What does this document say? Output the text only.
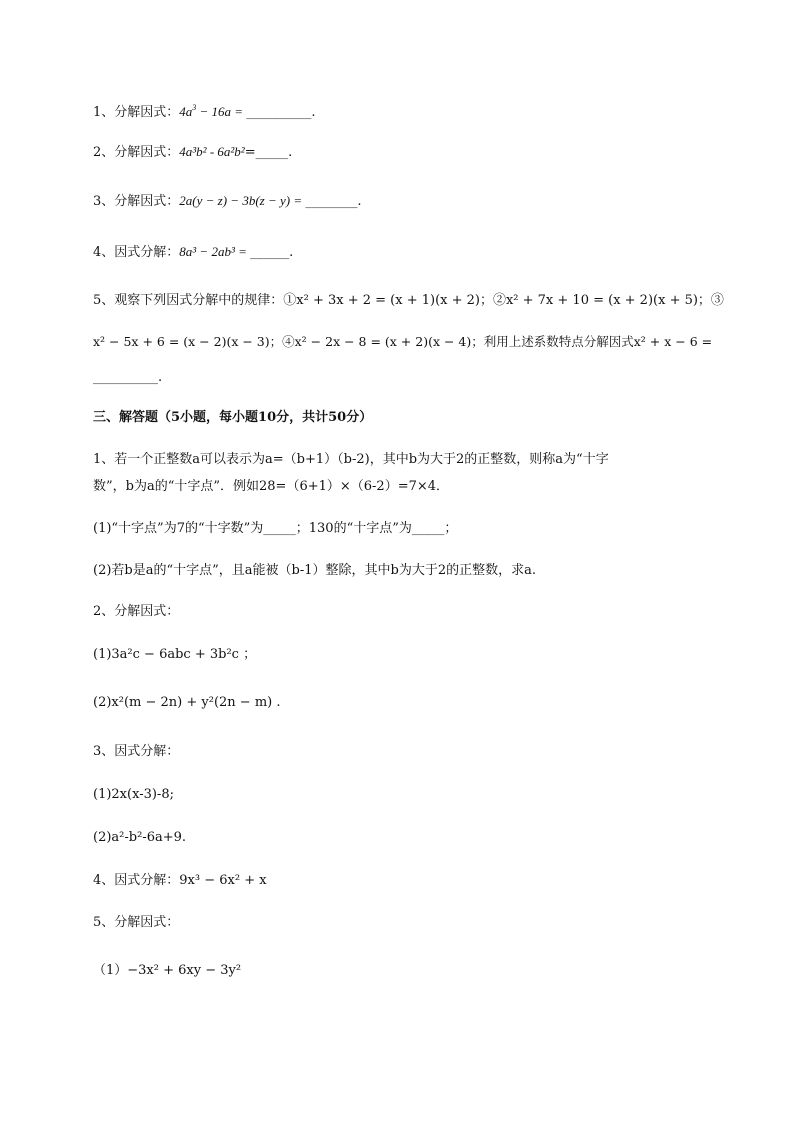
1、分解因式：$4a^3 - 16a$ = __________.
2、分解因式：4a³b² - 6a²b²=_____.
3、分解因式：2a(y − z) − 3b(z − y) = ________.
4、因式分解：8a³ − 2ab³ = ______.
5、观察下列因式分解中的规律：①x² + 3x + 2 = (x + 1)(x + 2)；②x² + 7x + 10 = (x + 2)(x + 5)；③
x² − 5x + 6 = (x − 2)(x − 3)；④x² − 2x − 8 = (x + 2)(x − 4)；利用上述系数特点分解因式x² + x − 6 =
__________.
三、解答题（5小题，每小题10分，共计50分）
1、若一个正整数a可以表示为a=（b+1）（b-2)，其中b为大于2的正整数，则称a为“十字
数”，b为a的“十字点”．例如28=（6+1）×（6-2）=7×4．
(1)“十字点”为7的“十字数”为_____；130的“十字点”为_____；
(2)若b是a的“十字点”，且a能被（b-1）整除，其中b为大于2的正整数，求a.
2、分解因式：
(1)3a²c − 6abc + 3b²c ；
(2)x²(m − 2n) + y²(2n − m) .
3、因式分解：
(1)2x(x-3)-8;
(2)a²-b²-6a+9.
4、因式分解：9x³ − 6x² + x
5、分解因式：
（1）−3x² + 6xy − 3y²
